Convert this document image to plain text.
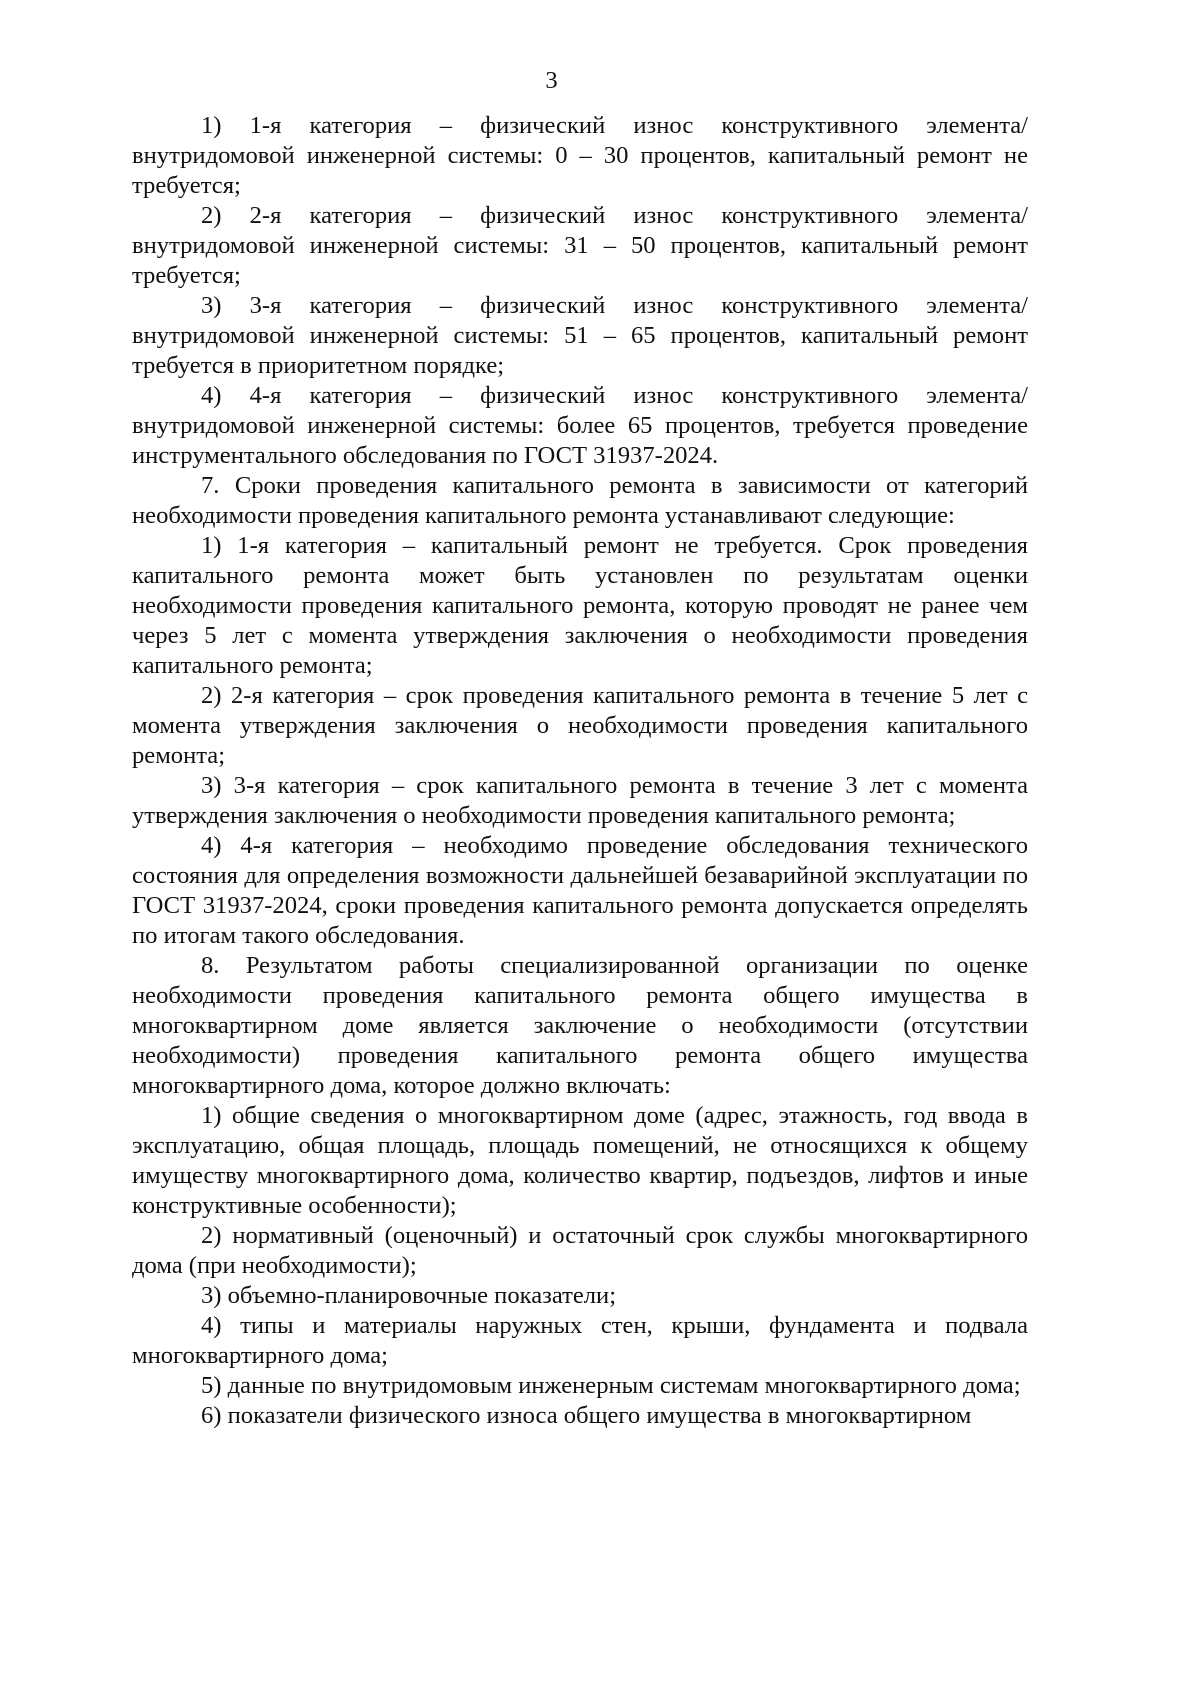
3

1) 1-я категория – физический износ конструктивного элемента/внутридомовой инженерной системы: 0 – 30 процентов, капитальный ремонт не требуется;

2) 2-я категория – физический износ конструктивного элемента/внутридомовой инженерной системы: 31 – 50 процентов, капитальный ремонт требуется;

3) 3-я категория – физический износ конструктивного элемента/внутридомовой инженерной системы: 51 – 65 процентов, капитальный ремонт требуется в приоритетном порядке;

4) 4-я категория – физический износ конструктивного элемента/внутридомовой инженерной системы: более 65 процентов, требуется проведение инструментального обследования по ГОСТ 31937-2024.

7. Сроки проведения капитального ремонта в зависимости от категорий необходимости проведения капитального ремонта устанавливают следующие:

1) 1-я категория – капитальный ремонт не требуется. Срок проведения капитального ремонта может быть установлен по результатам оценки необходимости проведения капитального ремонта, которую проводят не ранее чем через 5 лет с момента утверждения заключения о необходимости проведения капитального ремонта;

2) 2-я категория – срок проведения капитального ремонта в течение 5 лет с момента утверждения заключения о необходимости проведения капитального ремонта;

3) 3-я категория – срок капитального ремонта в течение 3 лет с момента утверждения заключения о необходимости проведения капитального ремонта;

4) 4-я категория – необходимо проведение обследования технического состояния для определения возможности дальнейшей безаварийной эксплуатации по ГОСТ 31937-2024, сроки проведения капитального ремонта допускается определять по итогам такого обследования.

8. Результатом работы специализированной организации по оценке необходимости проведения капитального ремонта общего имущества в многоквартирном доме является заключение о необходимости (отсутствии необходимости) проведения капитального ремонта общего имущества многоквартирного дома, которое должно включать:

1) общие сведения о многоквартирном доме (адрес, этажность, год ввода в эксплуатацию, общая площадь, площадь помещений, не относящихся к общему имуществу многоквартирного дома, количество квартир, подъездов, лифтов и иные конструктивные особенности);

2) нормативный (оценочный) и остаточный срок службы многоквартирного дома (при необходимости);

3) объемно-планировочные показатели;

4) типы и материалы наружных стен, крыши, фундамента и подвала многоквартирного дома;

5) данные по внутридомовым инженерным системам многоквартирного дома;

6) показатели физического износа общего имущества в многоквартирном
